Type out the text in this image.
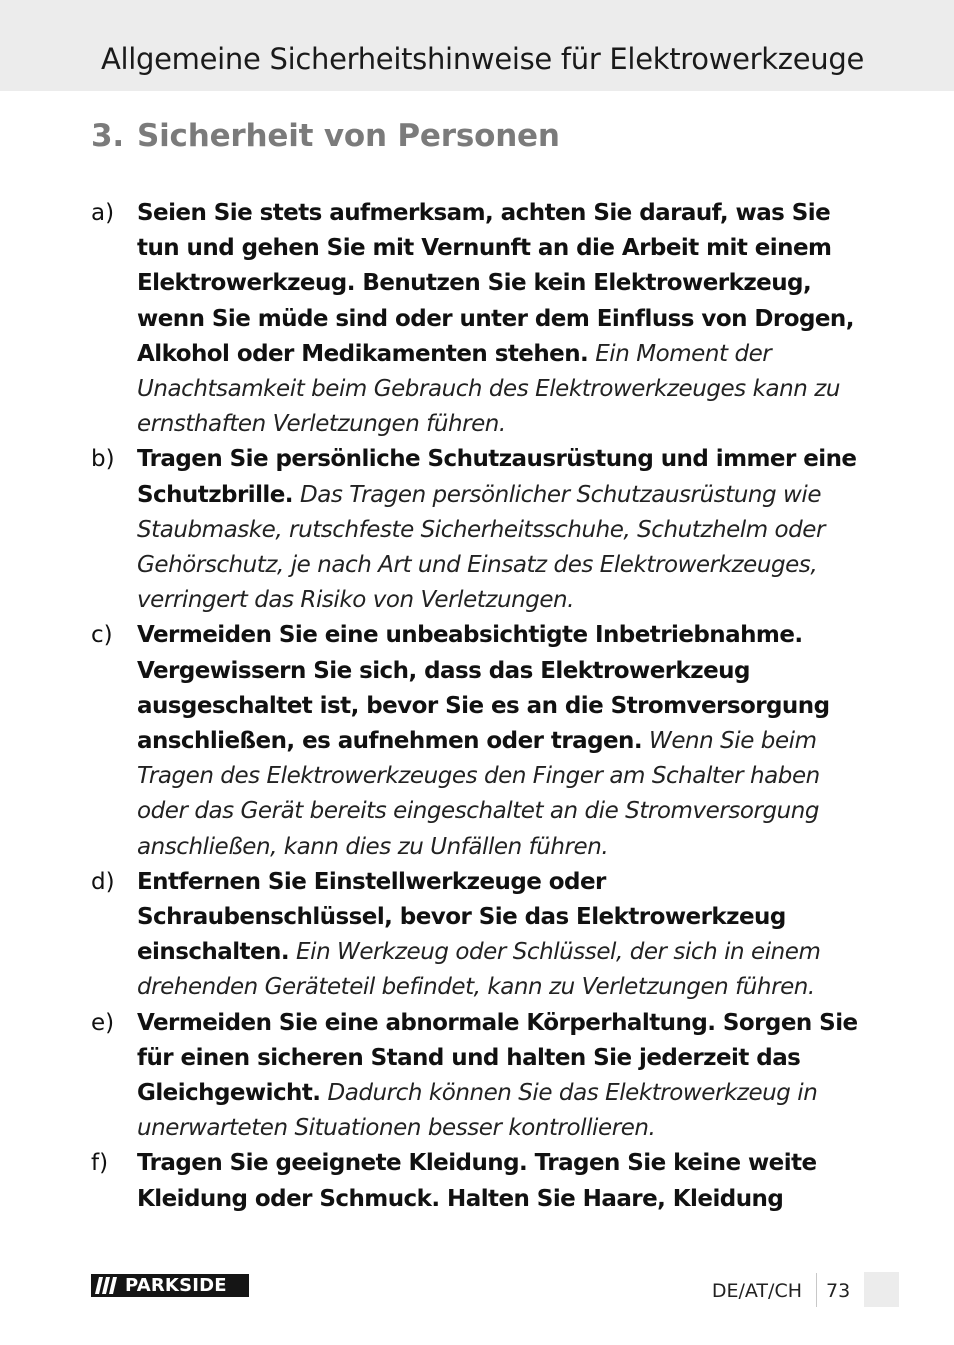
Allgemeine Sicherheitshinweise für Elektrowerkzeuge
3. Sicherheit von Personen
a) Seien Sie stets aufmerksam, achten Sie darauf, was Sie tun und gehen Sie mit Vernunft an die Arbeit mit einem Elektrowerkzeug. Benutzen Sie kein Elektrowerkzeug, wenn Sie müde sind oder unter dem Einfluss von Drogen, Alkohol oder Medikamenten stehen. Ein Moment der Unachtsamkeit beim Gebrauch des Elektrowerkzeuges kann zu ernsthaften Verletzungen führen.
b) Tragen Sie persönliche Schutzausrüstung und immer eine Schutzbrille. Das Tragen persönlicher Schutzausrüstung wie Staubmaske, rutschfeste Sicherheitsschuhe, Schutzhelm oder Gehörschutz, je nach Art und Einsatz des Elektrowerkzeuges, verringert das Risiko von Verletzungen.
c) Vermeiden Sie eine unbeabsichtigte Inbetriebnahme. Vergewissern Sie sich, dass das Elektrowerkzeug ausgeschaltet ist, bevor Sie es an die Stromversorgung anschließen, es aufnehmen oder tragen. Wenn Sie beim Tragen des Elektrowerkzeuges den Finger am Schalter haben oder das Gerät bereits eingeschaltet an die Stromversorgung anschließen, kann dies zu Unfällen führen.
d) Entfernen Sie Einstellwerkzeuge oder Schraubenschlüssel, bevor Sie das Elektrowerkzeug einschalten. Ein Werkzeug oder Schlüssel, der sich in einem drehenden Geräteteil befindet, kann zu Verletzungen führen.
e) Vermeiden Sie eine abnormale Körperhaltung. Sorgen Sie für einen sicheren Stand und halten Sie jederzeit das Gleichgewicht. Dadurch können Sie das Elektrowerkzeug in unerwarteten Situationen besser kontrollieren.
f) Tragen Sie geeignete Kleidung. Tragen Sie keine weite Kleidung oder Schmuck. Halten Sie Haare, Kleidung
PARKSIDE	DE/AT/CH 73
